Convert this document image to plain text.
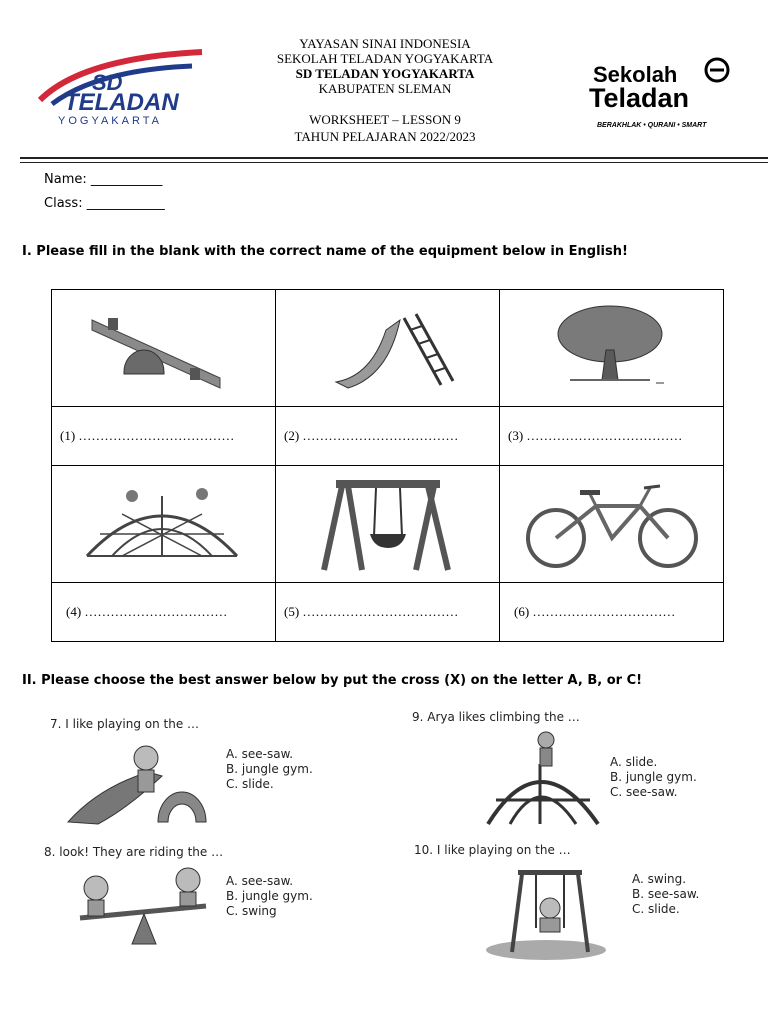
SD
TELADAN
YOGYAKARTA
YAYASAN SINAI INDONESIA
SEKOLAH TELADAN YOGYAKARTA
SD TELADAN YOGYAKARTA
KABUPATEN SLEMAN
WORKSHEET – LESSON 9
TAHUN PELAJARAN 2022/2023
Sekolah
Teladan
BERAKHLAK • QURANI • SMART
Name: ___________
Class: ____________
I. Please fill in the blank with the correct name of the equipment below in English!

(1) ………………………………	(2) ………………………………	(3) ………………………………

(4) ……………………………	(5) ………………………………	(6) ……………………………
II. Please choose the best answer below by put the cross (X) on the letter A, B, or C!
7. I like playing on the …
A. see-saw.
B. jungle gym.
C. slide.
8. look! They are riding the …
A. see-saw.
B. jungle gym.
C. swing
9. Arya likes climbing the …
A. slide.
B. jungle gym.
C. see-saw.
10. I like playing on the …
A. swing.
B. see-saw.
C. slide.
